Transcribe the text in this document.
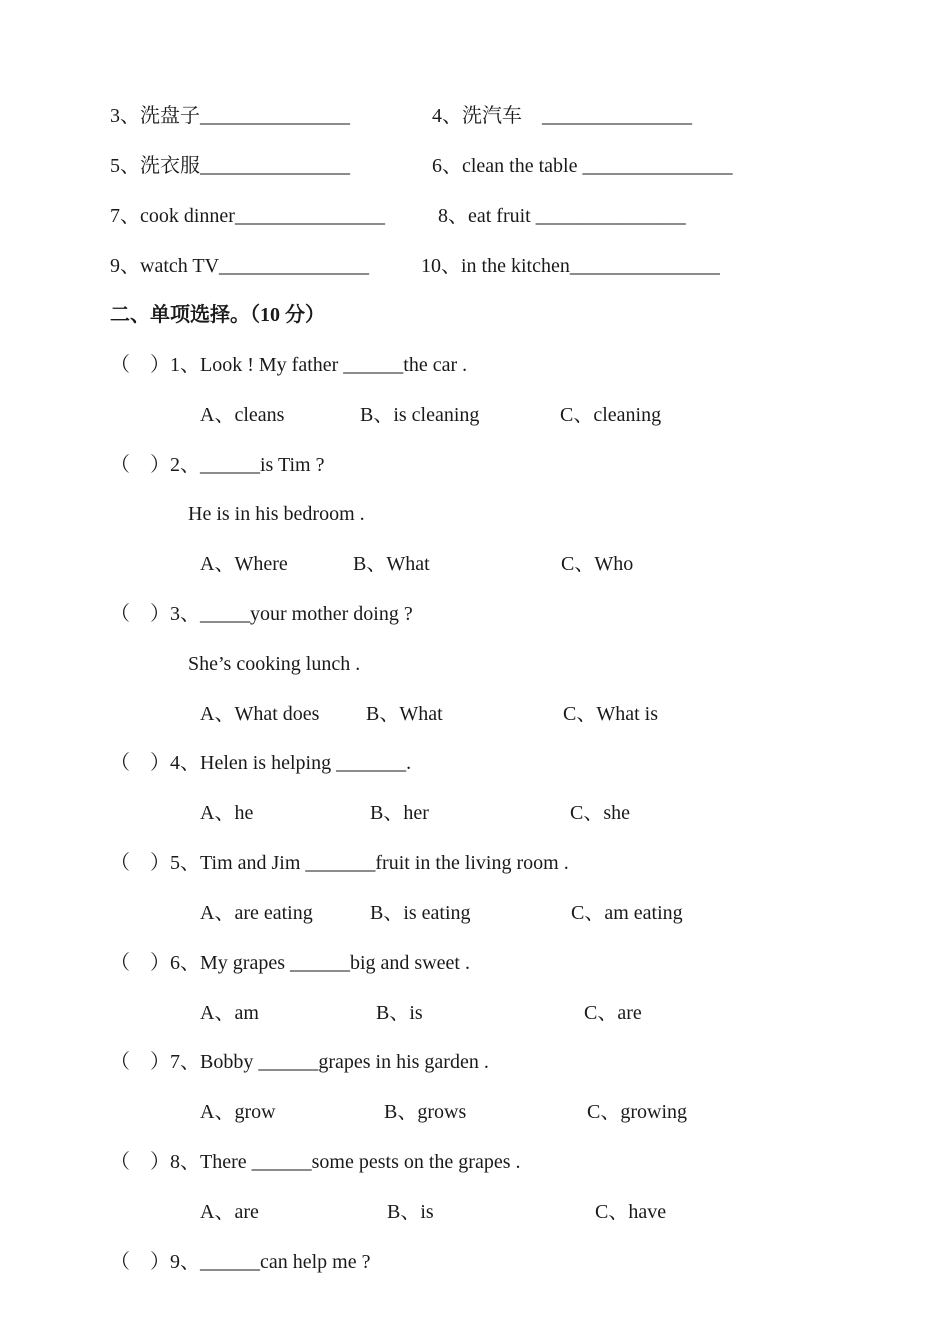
3、洗盘子_______________	4、洗汽车    _______________
5、洗衣服_______________	6、clean the table _______________
7、cook dinner_______________	8、eat fruit _______________
9、watch TV_______________	10、in the kitchen_______________
二、单项选择。（10 分）
（    ）1、Look ! My father ______the car .
A、cleans	B、is cleaning	C、cleaning
（    ）2、______is Tim ?
He is in his bedroom .
A、Where	B、What	C、Who
（    ）3、_____your mother doing ?
She’s cooking lunch .
A、What does B、What	C、What is
（    ）4、Helen is helping _______.
A、he	B、her	C、she
（    ）5、Tim and Jim _______fruit in the living room .
A、are eating	B、is eating	C、am eating
（    ）6、My grapes ______big and sweet .
A、am	B、is	C、are
（    ）7、Bobby ______grapes in his garden .
A、grow	B、grows	C、growing
（    ）8、There ______some pests on the grapes .
A、are	B、is	C、have
（    ）9、______can help me ?
